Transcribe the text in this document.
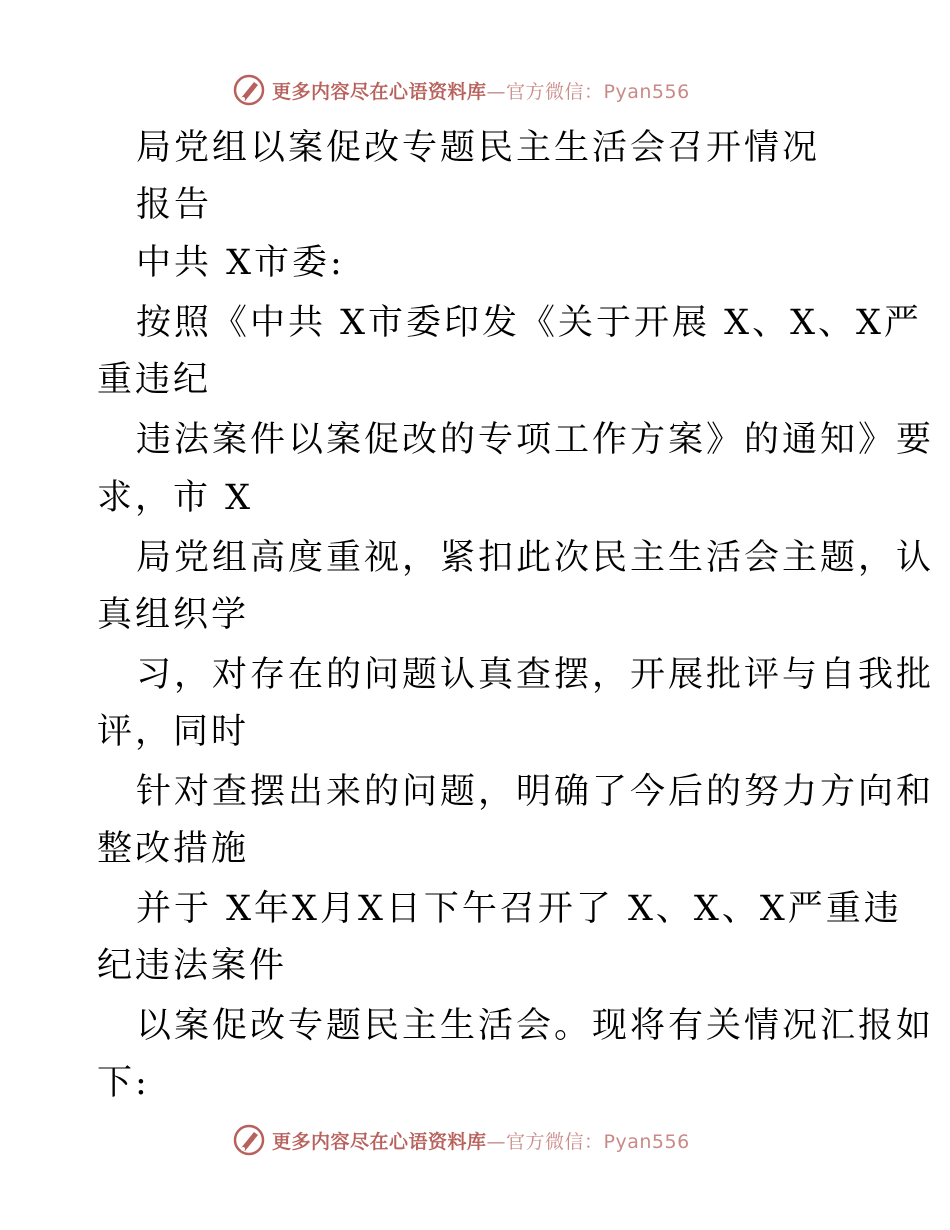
更多内容尽在心语资料库—官方微信：Pyan556
局党组以案促改专题民主生活会召开情况
报告
中共 X市委:
按照《中共 X市委印发《关于开展 X、X、X严
重违纪
违法案件以案促改的专项工作方案》的通知》要
求，市 X
局党组高度重视，紧扣此次民主生活会主题，认
真组织学
习，对存在的问题认真查摆，开展批评与自我批
评，同时
针对查摆出来的问题，明确了今后的努力方向和
整改措施
并于 X年X月X日下午召开了 X、X、X严重违
纪违法案件
以案促改专题民主生活会。现将有关情况汇报如
下:
更多内容尽在心语资料库—官方微信：Pyan556
